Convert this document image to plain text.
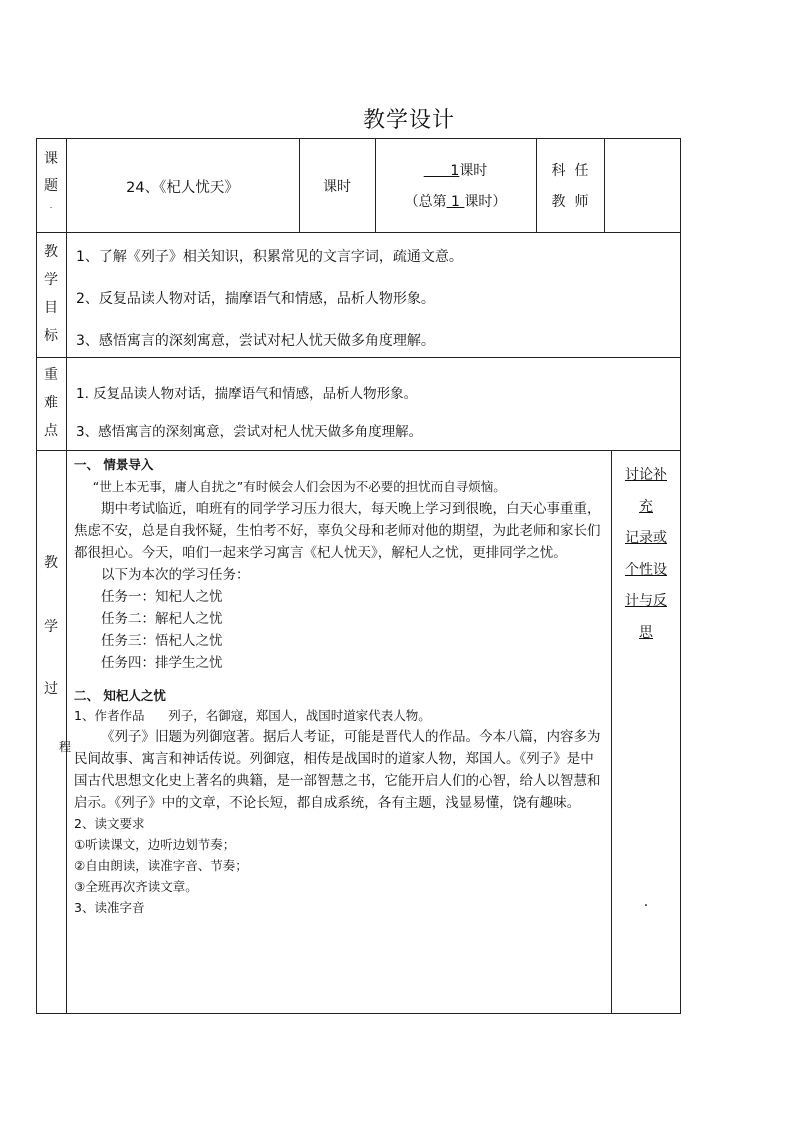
教学设计
课
题
.
24、《杞人忧天》	课时
1课时
（总第 1 课时）
科  任
教  师
教
学
目
标
1、了解《列子》相关知识，积累常见的文言字词，疏通文意。
2、反复品读人物对话，揣摩语气和情感，品析人物形象。
3、感悟寓言的深刻寓意，尝试对杞人忧天做多角度理解。
重
难
点
1. 反复品读人物对话，揣摩语气和情感，品析人物形象。
3、感悟寓言的深刻寓意，尝试对杞人忧天做多角度理解。
教
学
过
程

一、 情景导入

“世上本无事，庸人自扰之”有时候会人们会因为不必要的担忧而自寻烦恼。

期中考试临近，咱班有的同学学习压力很大，每天晚上学习到很晚，白天心事重重，焦虑不安，总是自我怀疑，生怕考不好，辜负父母和老师对他的期望，为此老师和家长们都很担心。今天，咱们一起来学习寓言《杞人忧天》，解杞人之忧，更排同学之忧。

以下为本次的学习任务：

任务一：知杞人之忧

任务二：解杞人之忧

任务三：悟杞人之忧

任务四：排学生之忧

二、 知杞人之忧

1、作者作品      列子，名御寇，郑国人，战国时道家代表人物。

《列子》旧题为列御寇著。据后人考证，可能是晋代人的作品。今本八篇，内容多为民间故事、寓言和神话传说。列御寇，相传是战国时的道家人物，郑国人。《列子》是中国古代思想文化史上著名的典籍，是一部智慧之书，它能开启人们的心智，给人以智慧和启示。《列子》中的文章，不论长短，都自成系统，各有主题，浅显易懂，饶有趣味。

2、读文要求

①听读课文，边听边划节奏；

②自由朗读，读准字音、节奏；

③全班再次齐读文章。

3、读准字音

讨论补
充
记录或
个性设
计与反
思
.
